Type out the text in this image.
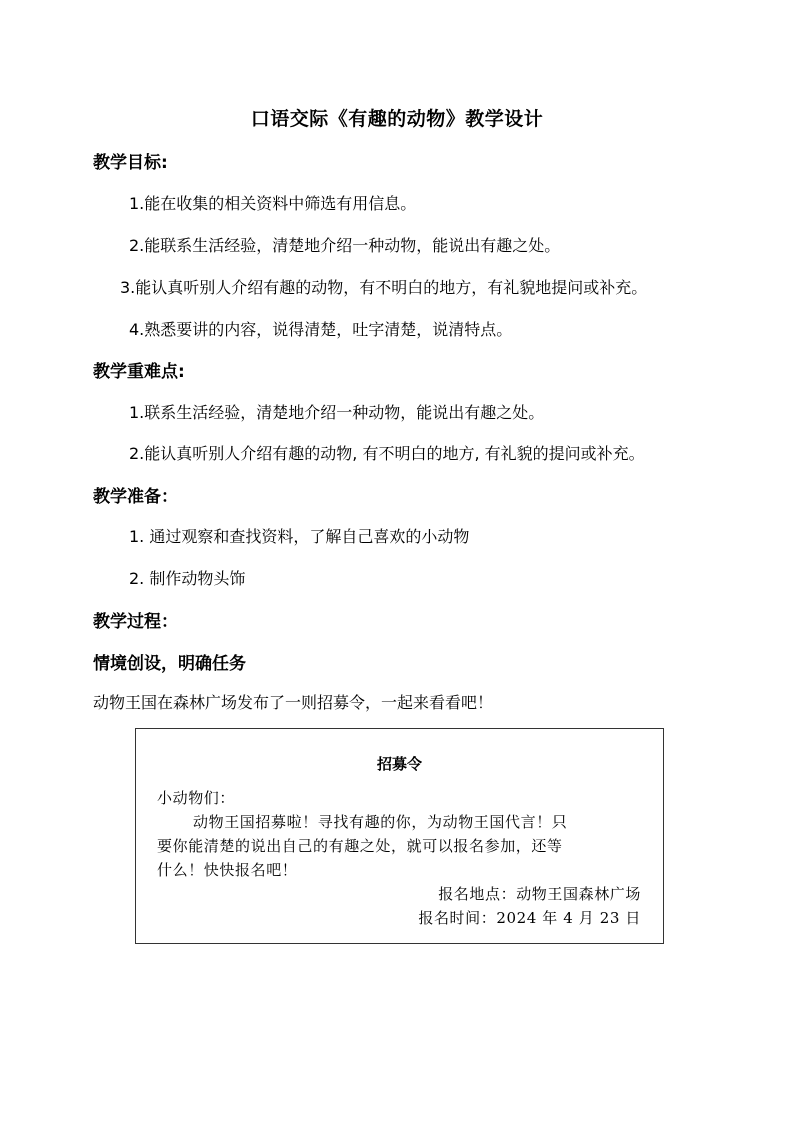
口语交际《有趣的动物》教学设计
教学目标:
1.能在收集的相关资料中筛选有用信息。
2.能联系生活经验，清楚地介绍一种动物，能说出有趣之处。
3.能认真听别人介绍有趣的动物，有不明白的地方，有礼貌地提问或补充。
4.熟悉要讲的内容，说得清楚，吐字清楚，说清特点。
教学重难点:
1.联系生活经验，清楚地介绍一种动物，能说出有趣之处。
2.能认真听别人介绍有趣的动物, 有不明白的地方, 有礼貌的提问或补充。
教学准备：
1. 通过观察和查找资料，了解自己喜欢的小动物
2. 制作动物头饰
教学过程：
情境创设，明确任务
动物王国在森林广场发布了一则招募令，一起来看看吧！
招募令
小动物们：
动物王国招募啦！寻找有趣的你，为动物王国代言！只
要你能清楚的说出自己的有趣之处，就可以报名参加，还等
什么！快快报名吧！
报名地点：动物王国森林广场
报名时间：2024 年 4 月 23 日
